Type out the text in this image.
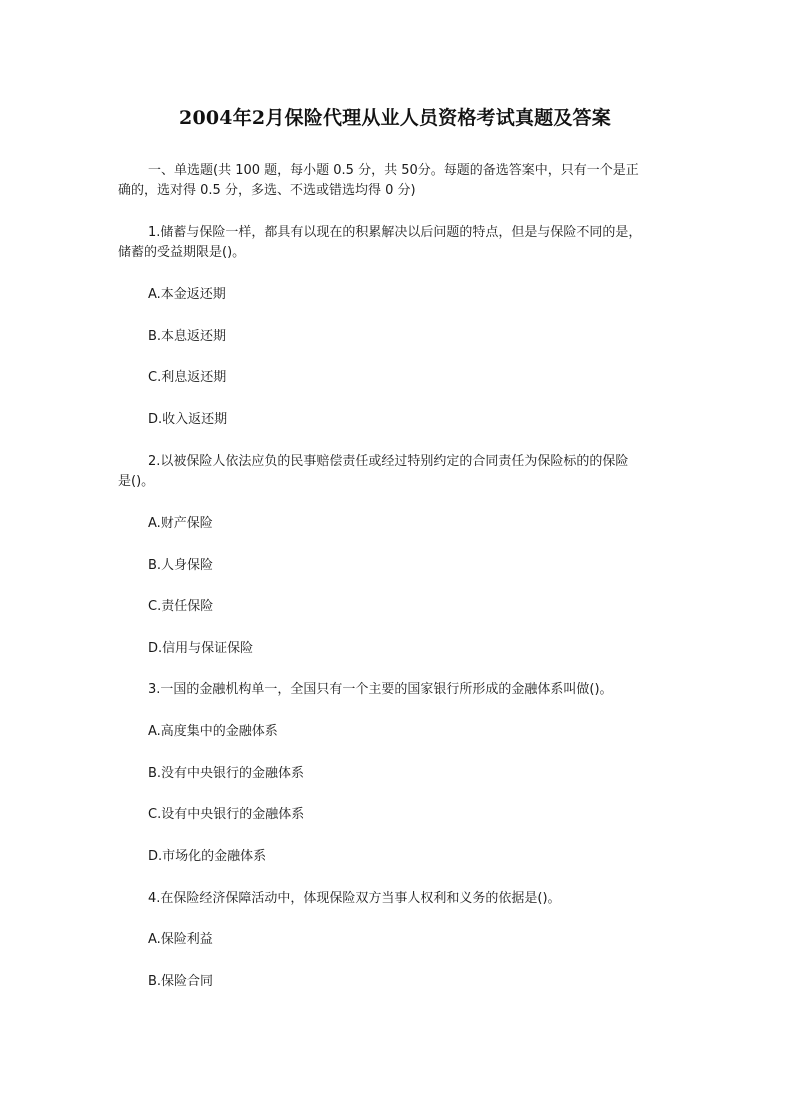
2004年2月保险代理从业人员资格考试真题及答案
一、单选题(共 100 题，每小题 0.5 分，共 50分。每题的备选答案中，只有一个是正
确的，选对得 0.5 分，多选、不选或错选均得 0 分)
1.储蓄与保险一样，都具有以现在的积累解决以后问题的特点，但是与保险不同的是，
储蓄的受益期限是()。
A.本金返还期
B.本息返还期
C.利息返还期
D.收入返还期
2.以被保险人依法应负的民事赔偿责任或经过特别约定的合同责任为保险标的的保险
是()。
A.财产保险
B.人身保险
C.责任保险
D.信用与保证保险
3.一国的金融机构单一，全国只有一个主要的国家银行所形成的金融体系叫做()。
A.高度集中的金融体系
B.没有中央银行的金融体系
C.设有中央银行的金融体系
D.市场化的金融体系
4.在保险经济保障活动中，体现保险双方当事人权利和义务的依据是()。
A.保险利益
B.保险合同
